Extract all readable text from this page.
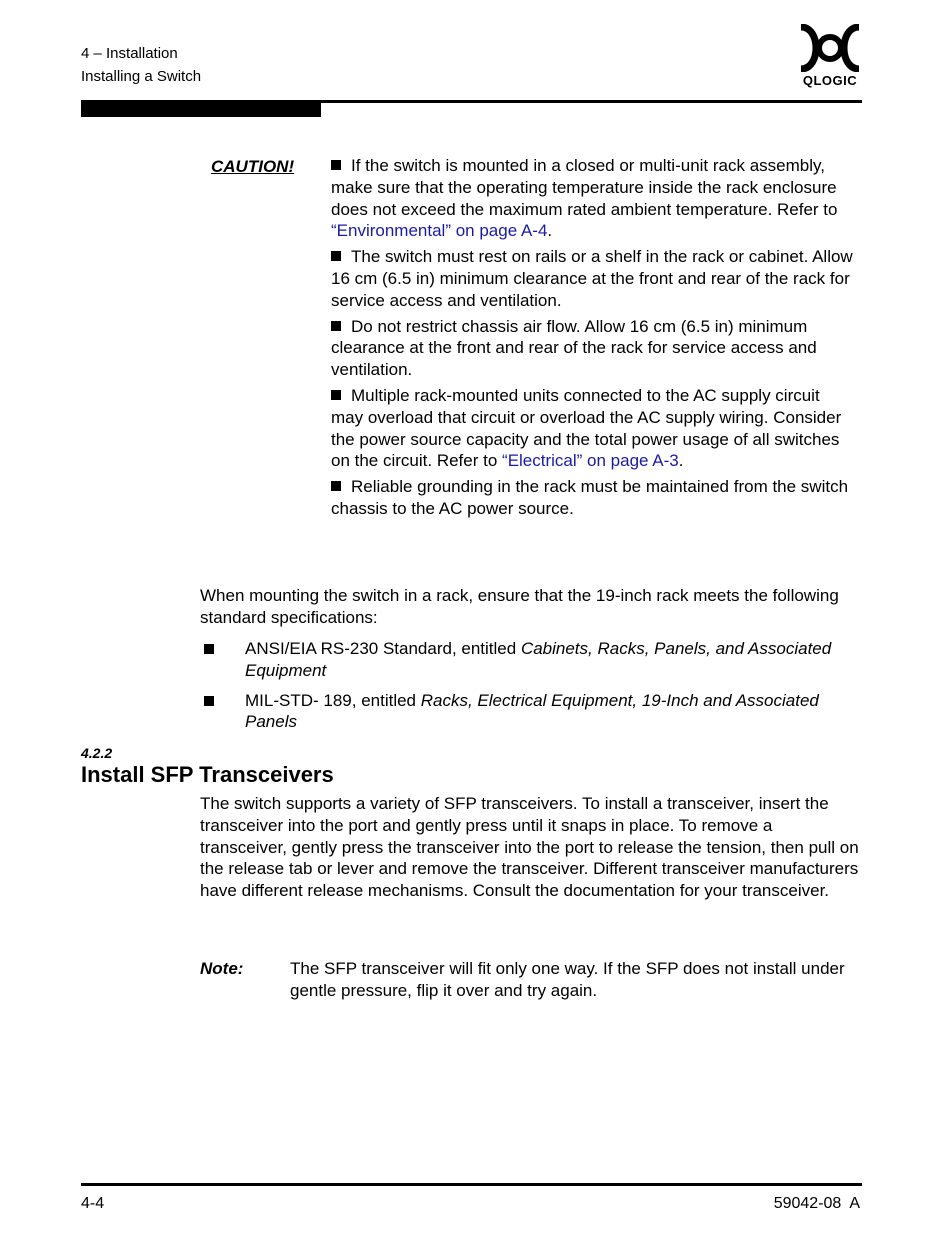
4 – Installation
Installing a Switch	QLOGIC
CAUTION!	If the switch is mounted in a closed or multi-unit rack assembly, make sure that the operating temperature inside the rack enclosure does not exceed the maximum rated ambient temperature. Refer to “Environmental” on page A-4.
The switch must rest on rails or a shelf in the rack or cabinet. Allow 16 cm (6.5 in) minimum clearance at the front and rear of the rack for service access and ventilation.
Do not restrict chassis air flow. Allow 16 cm (6.5 in) minimum clearance at the front and rear of the rack for service access and ventilation.
Multiple rack-mounted units connected to the AC supply circuit may overload that circuit or overload the AC supply wiring. Consider the power source capacity and the total power usage of all switches on the circuit. Refer to “Electrical” on page A-3.
Reliable grounding in the rack must be maintained from the switch chassis to the AC power source.
When mounting the switch in a rack, ensure that the 19-inch rack meets the following standard specifications:
ANSI/EIA RS-230 Standard, entitled Cabinets, Racks, Panels, and Associated Equipment
MIL-STD- 189, entitled Racks, Electrical Equipment, 19-Inch and Associated Panels
4.2.2
Install SFP Transceivers
The switch supports a variety of SFP transceivers. To install a transceiver, insert the transceiver into the port and gently press until it snaps in place. To remove a transceiver, gently press the transceiver into the port to release the tension, then pull on the release tab or lever and remove the transceiver. Different transceiver manufacturers have different release mechanisms. Consult the documentation for your transceiver.
Note:	The SFP transceiver will fit only one way. If the SFP does not install under gentle pressure, flip it over and try again.
4-4	59042-08  A
